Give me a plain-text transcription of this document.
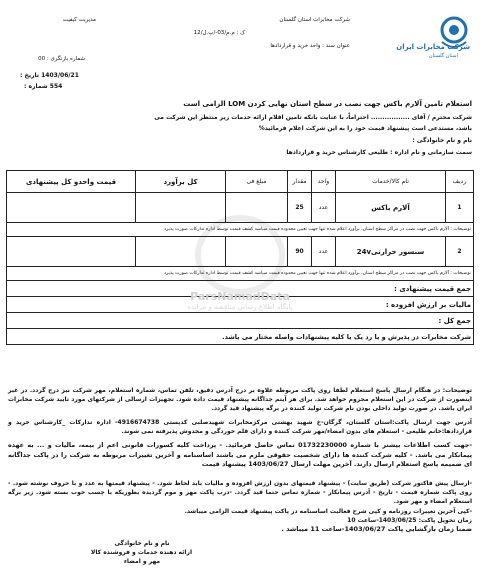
شرکت مخابرات ایران
استان گلستان
شرکت مخابرات استان گلستان
مدیریت کیفیت
ک : م.م/03-/پ.ل/12
عنوان سند : واحد خرید و قراردادها
شماره بازنگری : 00
1403/06/21 تاریخ :
554 شماره :
استعلام تامین آلارم باکس جهت نصب در سطح استان نهایی کردن LOM الزامی است
شرکت محترم / آقای ................. احتراماً، با عنایت بانکه تامین اقلام ارائه خدمات زیر منتظر این شرکت می
باشد، مستدعی است پیشنهاد قیمت خود را به این شرکت اعلام فرمائید%
نام و نام خانوادگی :
سمت سازمانی و نام اداره : طلیعی کارشناس خرید و قراردادها
ردیف	نام کالا/خدمات	واحد	مقدار	مبلغ فی	کل برآورد	قیمت واحدو کل پیشنهادی
1	آلارم باکس	عدد	25			
توضیحات : آلارم باکس جهت نصب در مراکز سطح استان، برآورد اعلام شده تنها جهت تعیین محدوده قیمت میباشد کشف قیمت توسط اداره تدارکات صورت پذیرد						
2	سنسور حرارتی24v	عدد	90			
توضیحات : آلارم باکس جهت نصب در مراکز سطح استان، برآورد اعلام شده تنها جهت تعیین محدوده قیمت میباشد کشف قیمت توسط اداره تدارکات صورت پذیرد						
جمع قیمت پیشنهادی :						
مالیات بر ارزش افزوده :						
جمع کل :						
شرکت مخابرات در پذیرش و یا رد یک یا کلیه پیشنهادات واصله مختار می باشد.						
ParsNamadData
پایگاه اطلاع رسانی مناقصه و مزایده
توضیحات: در هنگام ارسال پاسخ استعلام لطفا روی پاکت مربوطه علاوه بر درج آدرس دقیق، تلفن تماس، شماره استعلام، مهر شرکت نیز درج گردد. در غیر اینصورت از شرکت در این استعلام محروم خواهد شد. برای هر آیتم جداگانه پیشنهاد قیمت داده شود. تجهیزات ارسالی از شرکتهای مورد تایید شرکت مخابرات ایران باشد. در صورت تولید داخلی بودن نام شرکت تولید کننده در برگه پیشنهاد قید گردد.
آدرس جهت ارسال پاکت:استان گلستان، گرگان-خ شهید بهشتی مرکزمخابرات شهیدصلبی کدپستی 4916674738- اداره تدارکات _کارشناس خرید و قراردادها:خانم طلیعی - استعلام های بدون امضاء/مهر شرکت کننده و دارای قلم خوردگی و مخدوش پذیرفته نمی شوند.
-جهت کسب اطلاعات بیشتر با شماره 01732230000 تماس حاصل فرمائید. - پرداخت کلیه کسورات قانونی اعم از بیمه، مالیات و ... به عهده پیمانکار می باشد. - کلیه شرکت کننده ها دارای شخصیت حقوقی ملزم می باشند اساسنامه و آخرین تغییرات مربوطه به شرکت را در پاکت جداگانه ای ضمیمه پاسخ استعلام ارسال دارند. آخرین مهلت ارسال 1403/06/27 پیشنهاد قیمت
-ارسال پیش فاکتور شرکت (طریق سایت) - پیشنهاد قیمتهای بدون ارزش افزوده و مالیات باید لحاظ شود. - پیشنهاد قیمتها به عدد و با حروف نوشته شود. - روی پاکت شماره قیمت - تاریخ - آدرس پیمانکار - شماره تماس حتما قید گردد. -درب پاکت مهر و موم گردیده بطوریکه با چسب خوب بسته شود. زیر برگه استعلام امضاء و مهر شود.
-کپی آخرین تغییرات روزنامه و کپی شرح فعالیت اساسنامه در پاکت پیشنهاد قیمت الزامی میباشد.
زمان تحویل پاکت: 1403/06/25-ساعت 10
ضمنا زمان بازگشایی پاکت 1403/06/27-ساعت 11 میباشد .
نام و نام خانوادگی
ارائه دهنده خدمات و فروشنده کالا
مهر و امضاء
